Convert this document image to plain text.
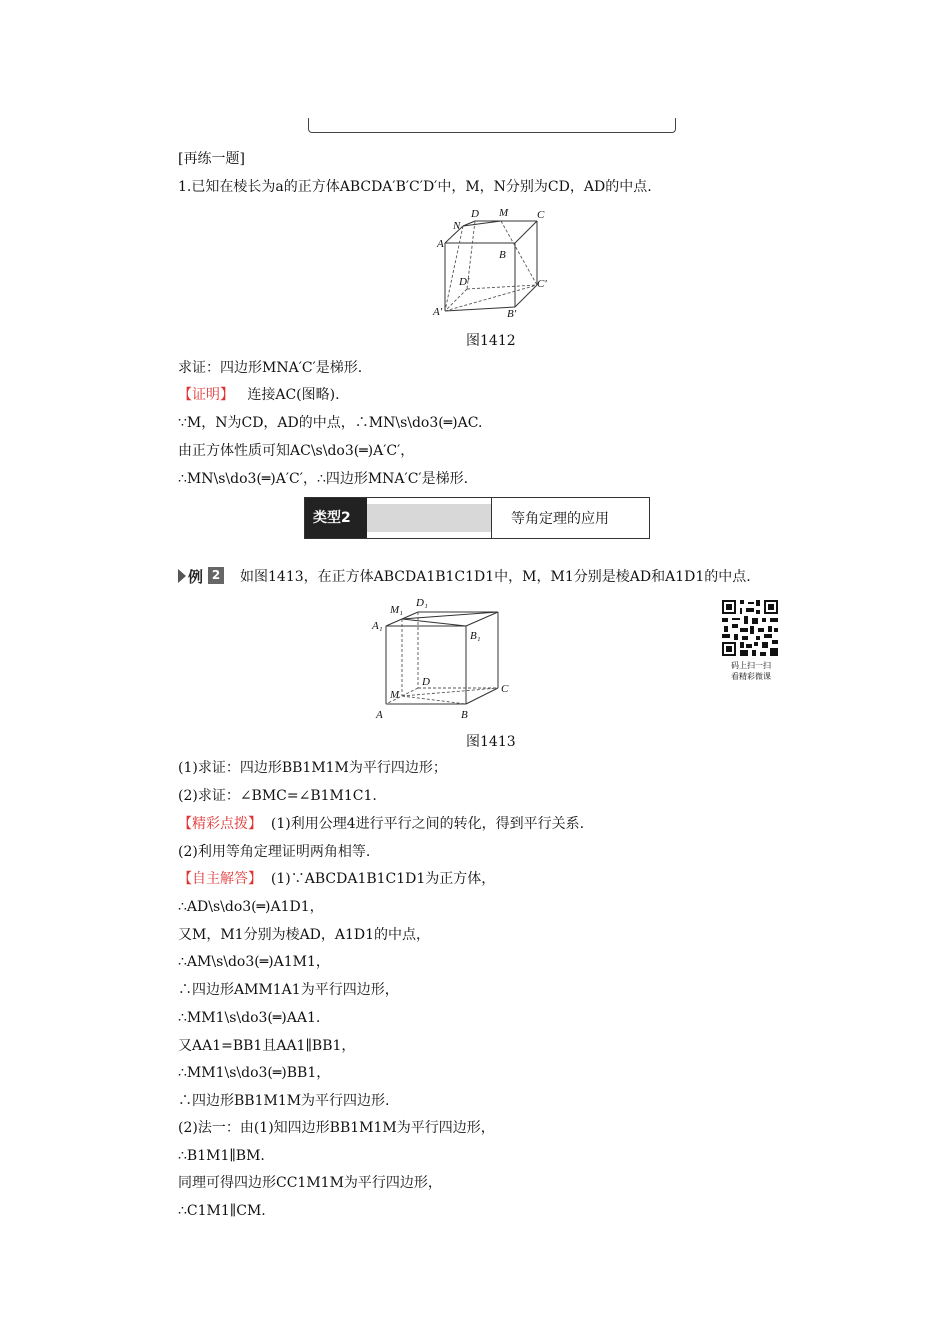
[再练一题]
1.已知在棱长为a的正方体ABCDA′B′C′D′中，M，N分别为CD，AD的中点.
D M	C
N
A
B
D′	C′
A′	B′
图1412
求证：四边形MNA′C′是梯形.
【证明】 连接AC(图略).
∵M，N为CD，AD的中点，∴MN\s\do3(═)AC.
由正方体性质可知AC\s\do3(═)A′C′，
∴MN\s\do3(═)A′C′，∴四边形MNA′C′是梯形.
类型2	等角定理的应用
例 2 如图1413，在正方体ABCDA1B1C1D1中，M，M1分别是棱AD和A1D1的中点.
D₁
M₁
A₁
B₁
D
M	C
A	B
码上扫一扫
看精彩微课
图1413
(1)求证：四边形BB1M1M为平行四边形；
(2)求证：∠BMC=∠B1M1C1.
【精彩点拨】 (1)利用公理4进行平行之间的转化，得到平行关系.
(2)利用等角定理证明两角相等.
【自主解答】 (1)∵ABCDA1B1C1D1为正方体，
∴AD\s\do3(═)A1D1，
又M，M1分别为棱AD，A1D1的中点，
∴AM\s\do3(═)A1M1，
∴四边形AMM1A1为平行四边形，
∴MM1\s\do3(═)AA1.
又AA1=BB1且AA1∥BB1，
∴MM1\s\do3(═)BB1，
∴四边形BB1M1M为平行四边形.
(2)法一：由(1)知四边形BB1M1M为平行四边形，
∴B1M1∥BM.
同理可得四边形CC1M1M为平行四边形，
∴C1M1∥CM.
